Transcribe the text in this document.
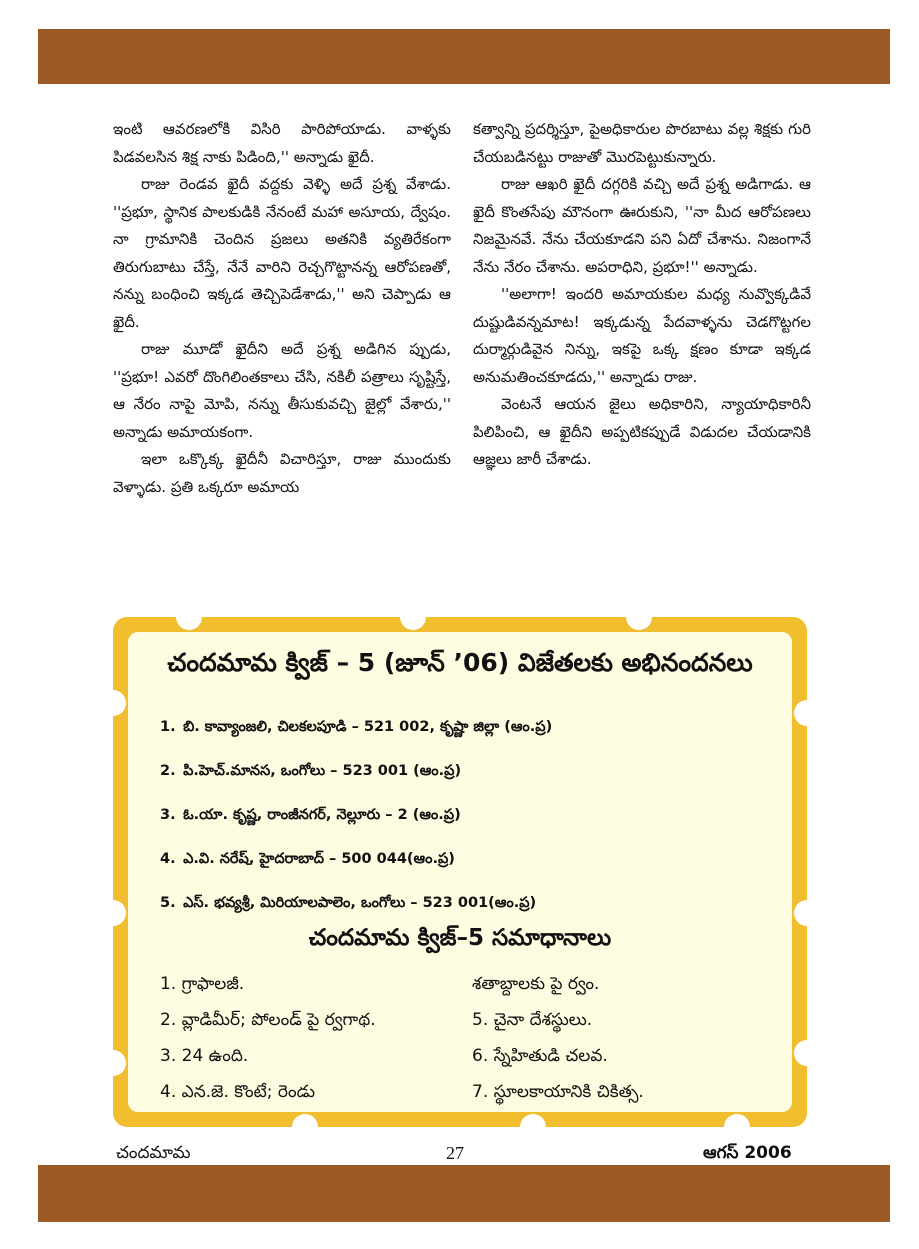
ఇంటి ఆవరణలోకి విసిరి పారిపోయాడు. వాళ్ళకు పిడవలసిన శిక్ష నాకు పిడింది,'' అన్నాడు ఖైదీ.

రాజు రెండవ ఖైదీ వద్దకు వెళ్ళి అదే ప్రశ్న వేశాడు. ''ప్రభూ, స్థానిక పాలకుడికి నేనంటే మహా అసూయ, ద్వేషం. నా గ్రామానికి చెందిన ప్రజలు అతనికి వ్యతిరేకంగా తిరుగుబాటు చేస్తే, నేనే వారిని రెచ్చగొట్టానన్న ఆరోపణతో, నన్ను బంధించి ఇక్కడ తెచ్చిపెడేశాడు,'' అని చెప్పాడు ఆ ఖైదీ.

రాజు మూడో ఖైదీని అదే ప్రశ్న అడిగిన ప్పుడు, ''ప్రభూ! ఎవరో దొంగిలింతకాలు చేసి, నకిలీ పత్రాలు సృష్టిస్తే, ఆ నేరం నాపై మోపి, నన్ను తీసుకువచ్చి జైల్లో వేశారు,'' అన్నాడు అమాయకంగా.

ఇలా ఒక్కొక్క ఖైదీనీ విచారిస్తూ, రాజు ముందుకు వెళ్ళాడు. ప్రతి ఒక్కరూ అమాయ

కత్వాన్ని ప్రదర్శిస్తూ, పైఅధికారుల పొరబాటు వల్ల శిక్షకు గురి చేయబడినట్టు రాజుతో మొరపెట్టుకున్నారు.

రాజు ఆఖరి ఖైదీ దగ్గరికి వచ్చి అదే ప్రశ్న అడిగాడు. ఆ ఖైదీ కొంతసేపు మౌనంగా ఊరుకుని, ''నా మీద ఆరోపణలు నిజమైనవే. నేను చేయకూడని పని ఏదో చేశాను. నిజంగానే నేను నేరం చేశాను. అపరాధిని, ప్రభూ!'' అన్నాడు.

''అలాగా! ఇందరి అమాయకుల మధ్య నువ్వొక్కడివే దుష్టుడివన్నమాట! ఇక్కడున్న పేదవాళ్ళను చెడగొట్టగల దుర్మార్గుడివైన నిన్ను, ఇకపై ఒక్క క్షణం కూడా ఇక్కడ అనుమతించకూడదు,'' అన్నాడు రాజు.

వెంటనే ఆయన జైలు అధికారిని, న్యాయాధికారినీ పిలిపించి, ఆ ఖైదీని అప్పటికప్పుడే విడుదల చేయడానికి ఆజ్ఞలు జారీ చేశాడు.

చందమామ క్విజ్ – 5 (జూన్ ’06) విజేతలకు అభినందనలు
1. బి. కావ్యాంజలి, చిలకలపూడి – 521 002, కృష్ణా జిల్లా (ఆం.ప్ర)
2. పి.హెచ్.మానస, ఒంగోలు – 523 001 (ఆం.ప్ర)
3. ఓ.యా. కృష్ణ, రాంజీనగర్, నెల్లూరు – 2 (ఆం.ప్ర)
4. ఎ.వి. నరేష్, హైదరాబాద్ – 500 044(ఆం.ప్ర)
5. ఎస్. భవ్యశ్రీ, మిరియాలపాలెం, ఒంగోలు – 523 001(ఆం.ప్ర)
చందమామ క్విజ్–5 సమాధానాలు
1. గ్రాఫాలజీ.
2. వ్లాడిమీర్; పోలండ్ పై ర్వగాథ.
3. 24 ఉంది.
4. ఎన.జె. కొంటే; రెండు
శతాబ్దాలకు పై ర్వం.
5. చైనా దేశస్థులు.
6. స్నేహితుడి చలవ.
7. స్థూలకాయానికి చికిత్స.
చందమామ	27	ఆగస్ 2006
